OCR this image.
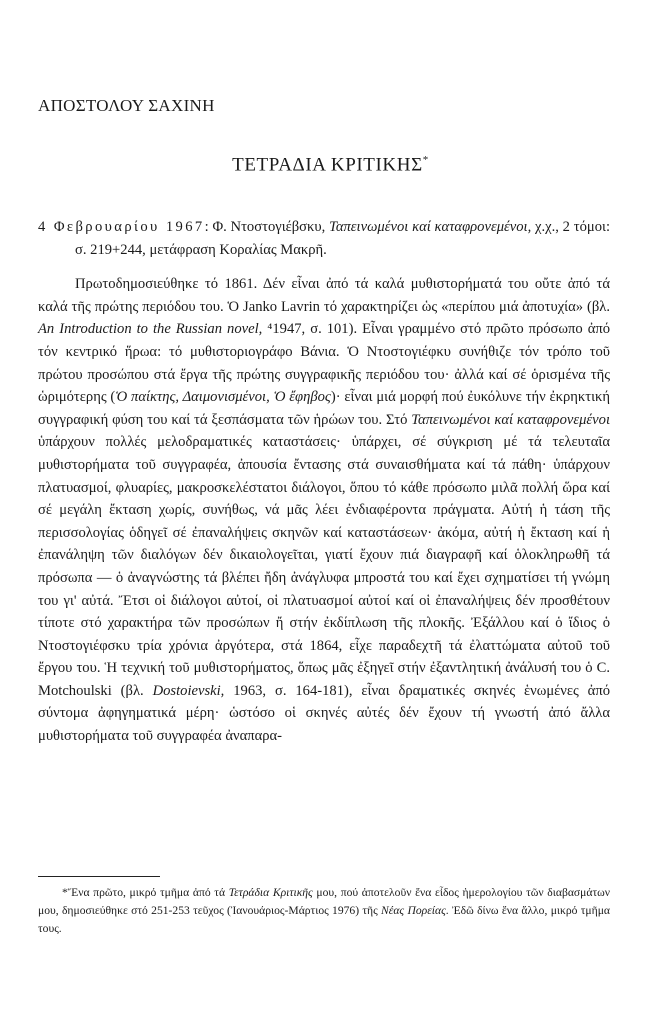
ΑΠΟΣΤΟΛΟΥ ΣΑΧΙΝΗ
ΤΕΤΡΑΔΙΑ ΚΡΙΤΙΚΗΣ*

4 Φεβρουαρίου 1967: Φ. Ντοστογιέβσκυ, Ταπεινωμένοι καί καταφρονεμένοι, χ.χ., 2 τόμοι: σ. 219+244, μετάφραση Κοραλίας Μακρῆ.

Πρωτοδημοσιεύθηκε τό 1861. Δέν εἶναι ἀπό τά καλά μυθιστορήματά του οὔτε ἀπό τά καλά τῆς πρώτης περιόδου του. Ὁ Janko Lavrin τό χαρακτηρίζει ὡς «περίπου μιά ἀποτυχία» (βλ. An Introduction to the Russian novel, ⁴1947, σ. 101). Εἶναι γραμμένο στό πρῶτο πρόσωπο ἀπό τόν κεντρικό ἥρωα: τό μυθιστοριογράφο Βάνια. Ὁ Ντοστογιέφκυ συνήθιζε τόν τρόπο τοῦ πρώτου προσώπου στά ἔργα τῆς πρώτης συγγραφικῆς περιόδου του· ἀλλά καί σέ ὁρισμένα τῆς ὡριμότερης (Ὁ παίκτης, Δαιμονισμένοι, Ὁ ἔφηβος)· εἶναι μιά μορφή πού ἐυκόλυνε τήν ἐκρηκτική συγγραφική φύση του καί τά ξεσπάσματα τῶν ἡρώων του. Στό Ταπεινωμένοι καί καταφρονεμένοι ὑπάρχουν πολλές μελοδραματικές καταστάσεις· ὑπάρχει, σέ σύγκριση μέ τά τελευταῖα μυθιστορήματα τοῦ συγγραφέα, ἀπουσία ἔντασης στά συναισθήματα καί τά πάθη· ὑπάρχουν πλατυασμοί, φλυαρίες, μακροσκελέστατοι διάλογοι, ὅπου τό κάθε πρόσωπο μιλᾶ πολλή ὥρα καί σέ μεγάλη ἔκταση χωρίς, συνήθως, νά μᾶς λέει ἐνδιαφέροντα πράγματα. Αὐτή ἡ τάση τῆς περισσολογίας ὁδηγεῖ σέ ἐπαναλήψεις σκηνῶν καί καταστάσεων· ἀκόμα, αὐτή ἡ ἔκταση καί ἡ ἐπανάληψη τῶν διαλόγων δέν δικαιολογεῖται, γιατί ἔχουν πιά διαγραφῆ καί ὁλοκληρωθῆ τά πρόσωπα — ὁ ἀναγνώστης τά βλέπει ἤδη ἀνάγλυφα μπροστά του καί ἔχει σχηματίσει τή γνώμη του γι' αὐτά. Ἔτσι οἱ διάλογοι αὐτοί, οἱ πλατυασμοί αὐτοί καί οἱ ἐπαναλήψεις δέν προσθέτουν τίποτε στό χαρακτήρα τῶν προσώπων ἤ στήν ἐκδίπλωση τῆς πλοκῆς. Ἐξάλλου καί ὁ ἴδιος ὁ Ντοστογιέφσκυ τρία χρόνια ἀργότερα, στά 1864, εἶχε παραδεχτῆ τά ἐλαττώματα αὐτοῦ τοῦ ἔργου του. Ἡ τεχνική τοῦ μυθιστορήματος, ὅπως μᾶς ἐξηγεῖ στήν ἐξαντλητική ἀνάλυσή του ὁ C. Motchoulski (βλ. Dostoievski, 1963, σ. 164-181), εἶναι δραματικές σκηνές ἑνωμένες ἀπό σύντομα ἀφηγηματικά μέρη· ὡστόσο οἱ σκηνές αὐτές δέν ἔχουν τή γνωστή ἀπό ἄλλα μυθιστορήματα τοῦ συγγραφέα ἀναπαρα-

*Ἕνα πρῶτο, μικρό τμῆμα ἀπό τά Τετράδια Κριτικῆς μου, πού ἀποτελοῦν ἕνα εἶδος ἡμερολογίου τῶν διαβασμάτων μου, δημοσιεύθηκε στό 251-253 τεῦχος (Ἰανουάριος-Μάρτιος 1976) τῆς Νέας Πορείας. Ἐδῶ δίνω ἕνα ἄλλο, μικρό τμῆμα τους.
